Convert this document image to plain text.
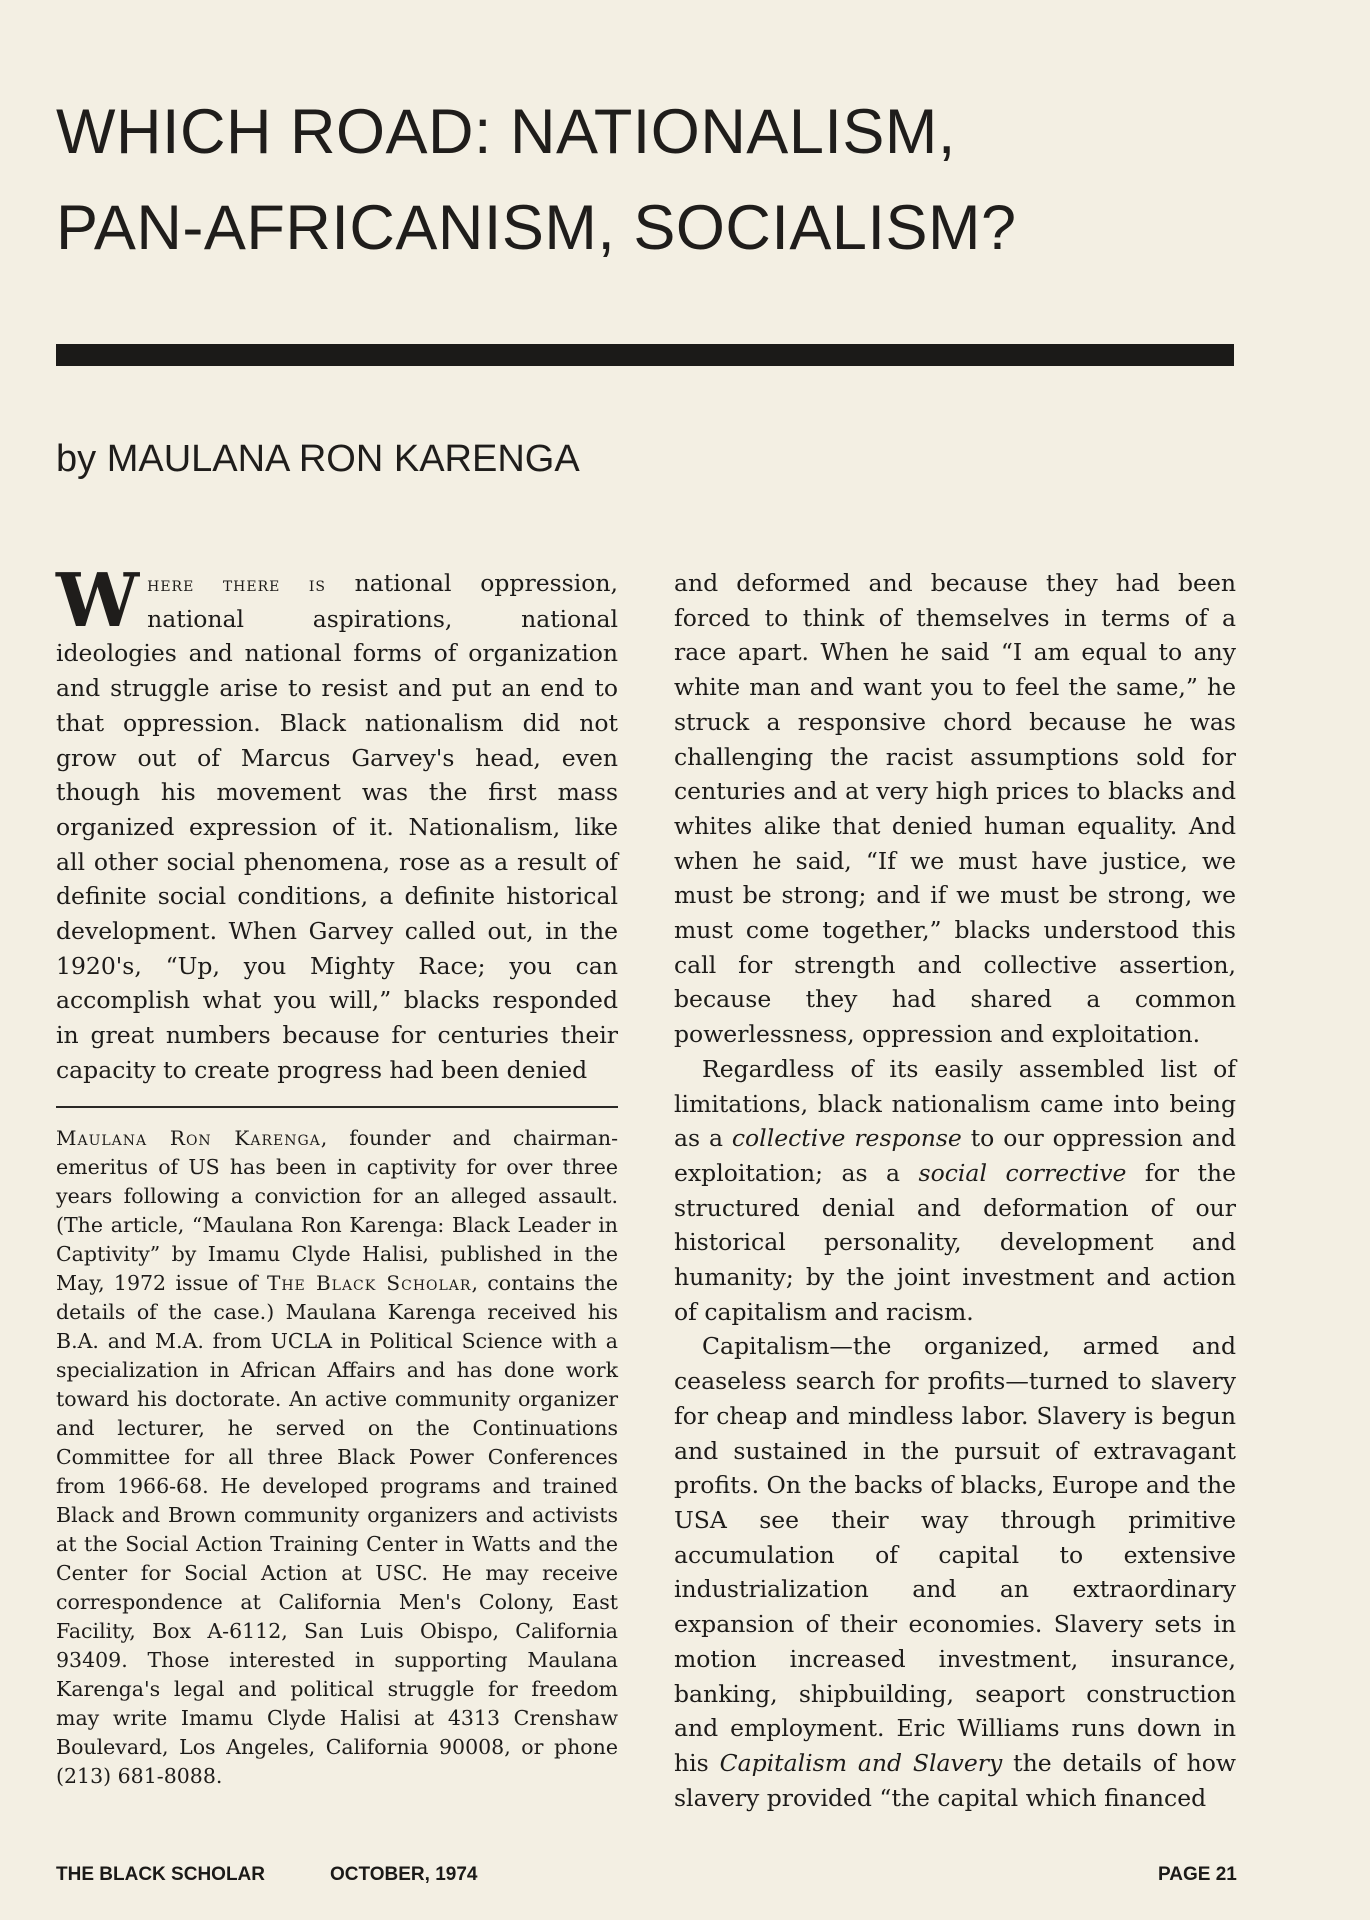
WHICH ROAD: NATIONALISM,
PAN-AFRICANISM, SOCIALISM?
by MAULANA RON KARENGA

Where there is national oppression, national aspirations, national ideologies and national forms of organization and struggle arise to resist and put an end to that oppression. Black nationalism did not grow out of Marcus Garvey's head, even though his movement was the first mass organized expression of it. Nationalism, like all other social phenomena, rose as a result of definite social conditions, a definite historical development. When Garvey called out, in the 1920's, “Up, you Mighty Race; you can accomplish what you will,” blacks responded in great numbers because for centuries their capacity to create progress had been denied

Maulana Ron Karenga, founder and chairman-emeritus of US has been in captivity for over three years following a conviction for an alleged assault. (The article, “Maulana Ron Karenga: Black Leader in Captivity” by Imamu Clyde Halisi, published in the May, 1972 issue of The Black Scholar, contains the details of the case.) Maulana Karenga received his B.A. and M.A. from UCLA in Political Science with a specialization in African Affairs and has done work toward his doctorate. An active community organizer and lecturer, he served on the Continuations Committee for all three Black Power Conferences from 1966-68. He developed programs and trained Black and Brown community organizers and activists at the Social Action Training Center in Watts and the Center for Social Action at USC. He may receive correspondence at California Men's Colony, East Facility, Box A-6112, San Luis Obispo, California 93409. Those interested in supporting Maulana Karenga's legal and political struggle for freedom may write Imamu Clyde Halisi at 4313 Crenshaw Boulevard, Los Angeles, California 90008, or phone (213) 681-8088.

and deformed and because they had been forced to think of themselves in terms of a race apart. When he said “I am equal to any white man and want you to feel the same,” he struck a responsive chord because he was challenging the racist assumptions sold for centuries and at very high prices to blacks and whites alike that denied human equality. And when he said, “If we must have justice, we must be strong; and if we must be strong, we must come together,” blacks understood this call for strength and collective assertion, because they had shared a common powerlessness, oppression and exploitation.

Regardless of its easily assembled list of limitations, black nationalism came into being as a collective response to our oppression and exploitation; as a social corrective for the structured denial and deformation of our historical personality, development and humanity; by the joint investment and action of capitalism and racism.

Capitalism—the organized, armed and ceaseless search for profits—turned to slavery for cheap and mindless labor. Slavery is begun and sustained in the pursuit of extravagant profits. On the backs of blacks, Europe and the USA see their way through primitive accumulation of capital to extensive industrialization and an extraordinary expansion of their economies. Slavery sets in motion increased investment, insurance, banking, shipbuilding, seaport construction and employment. Eric Williams runs down in his Capitalism and Slavery the details of how slavery provided “the capital which financed

THE BLACK SCHOLAR	OCTOBER, 1974	PAGE 21
